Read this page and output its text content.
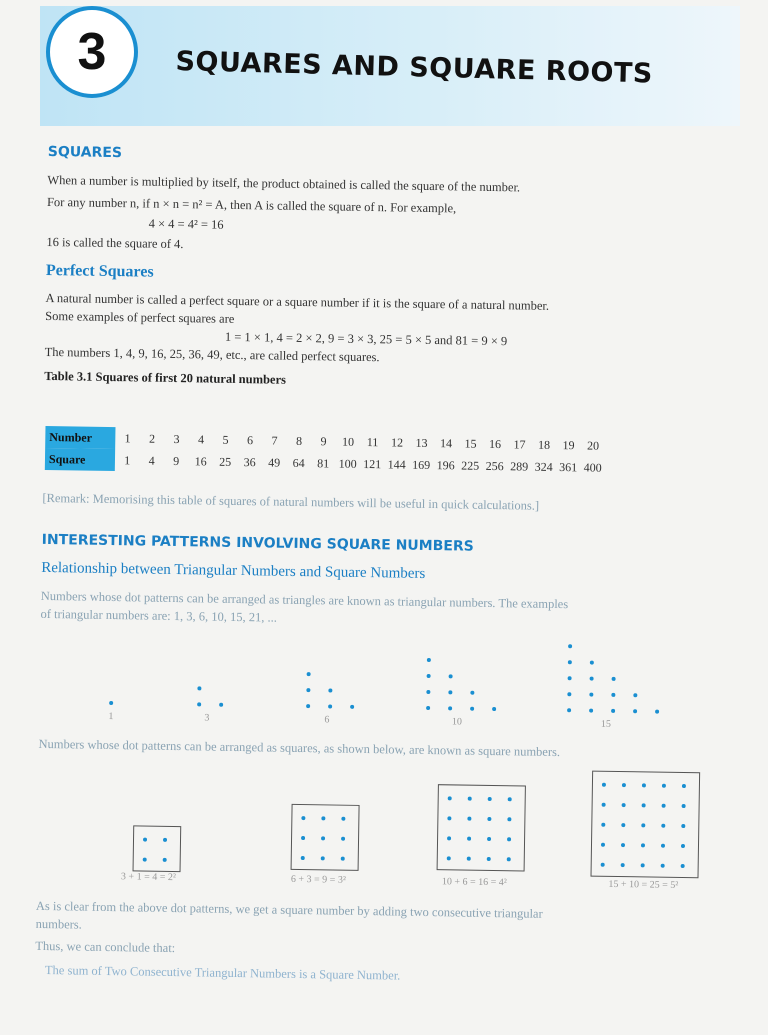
3	SQUARES AND SQUARE ROOTS
SQUARES
When a number is multiplied by itself, the product obtained is called the square of the number.
For any number n, if n × n = n² = A, then A is called the square of n. For example,
4 × 4 = 4² = 16
16 is called the square of 4.
Perfect Squares
A natural number is called a perfect square or a square number if it is the square of a natural number.
Some examples of perfect squares are
1 = 1 × 1, 4 = 2 × 2, 9 = 3 × 3, 25 = 5 × 5 and 81 = 9 × 9
The numbers 1, 4, 9, 16, 25, 36, 49, etc., are called perfect squares.
Table 3.1 Squares of first 20 natural numbers
Number	1	2	3	4	5	6	7	8	9	10	11	12	13	14	15	16	17	18	19	20
Square	1	4	9	16	25	36	49	64	81	100	121	144	169	196	225	256	289	324	361	400
[Remark: Memorising this table of squares of natural numbers will be useful in quick calculations.]
INTERESTING PATTERNS INVOLVING SQUARE NUMBERS
Relationship between Triangular Numbers and Square Numbers
Numbers whose dot patterns can be arranged as triangles are known as triangular numbers. The examples
of triangular numbers are: 1, 3, 6, 10, 15, 21, ...
1	3	6	10	15
Numbers whose dot patterns can be arranged as squares, as shown below, are known as square numbers.
3 + 1 = 4 = 2²	6 + 3 = 9 = 3²	10 + 6 = 16 = 4²	15 + 10 = 25 = 5²
As is clear from the above dot patterns, we get a square number by adding two consecutive triangular
numbers.
Thus, we can conclude that:
The sum of Two Consecutive Triangular Numbers is a Square Number.
